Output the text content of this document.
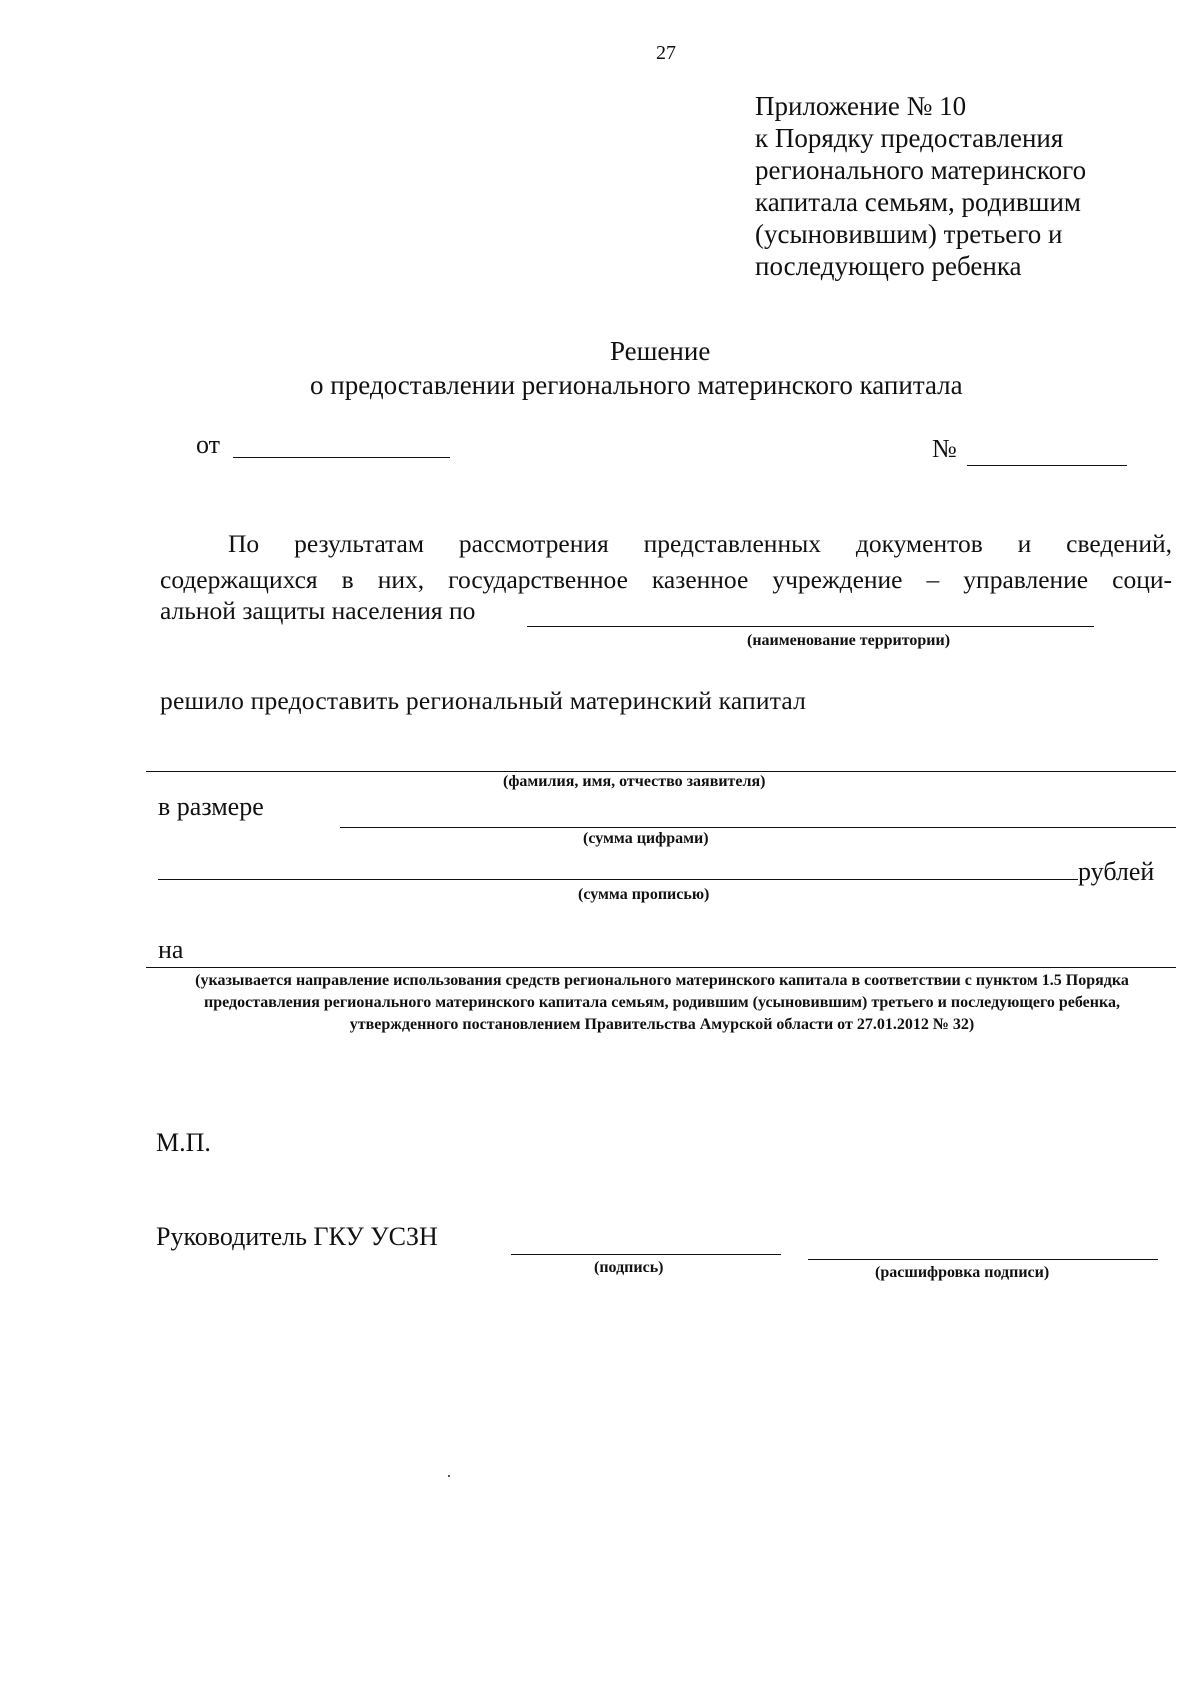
27
Приложение № 10
к Порядку предоставления
регионального материнского
капитала семьям, родившим
(усыновившим) третьего и
последующего ребенка
Решение
о предоставлении регионального материнского капитала
от	№
По результатам рассмотрения представленных документов и сведений,
содержащихся в них, государственное казенное учреждение – управление соци-
альной защиты населения по
(наименование территории)
решило предоставить региональный материнский капитал
(фамилия, имя, отчество заявителя)
в размере
(сумма цифрами)
рублей
(сумма прописью)
на
(указывается направление использования средств регионального материнского капитала в соответствии с пунктом 1.5 Порядка предоставления регионального материнского капитала семьям, родившим (усыновившим) третьего и последующего ребенка, утвержденного постановлением Правительства Амурской области от 27.01.2012 № 32)
М.П.
Руководитель ГКУ УСЗН
(подпись)	(расшифровка подписи)
